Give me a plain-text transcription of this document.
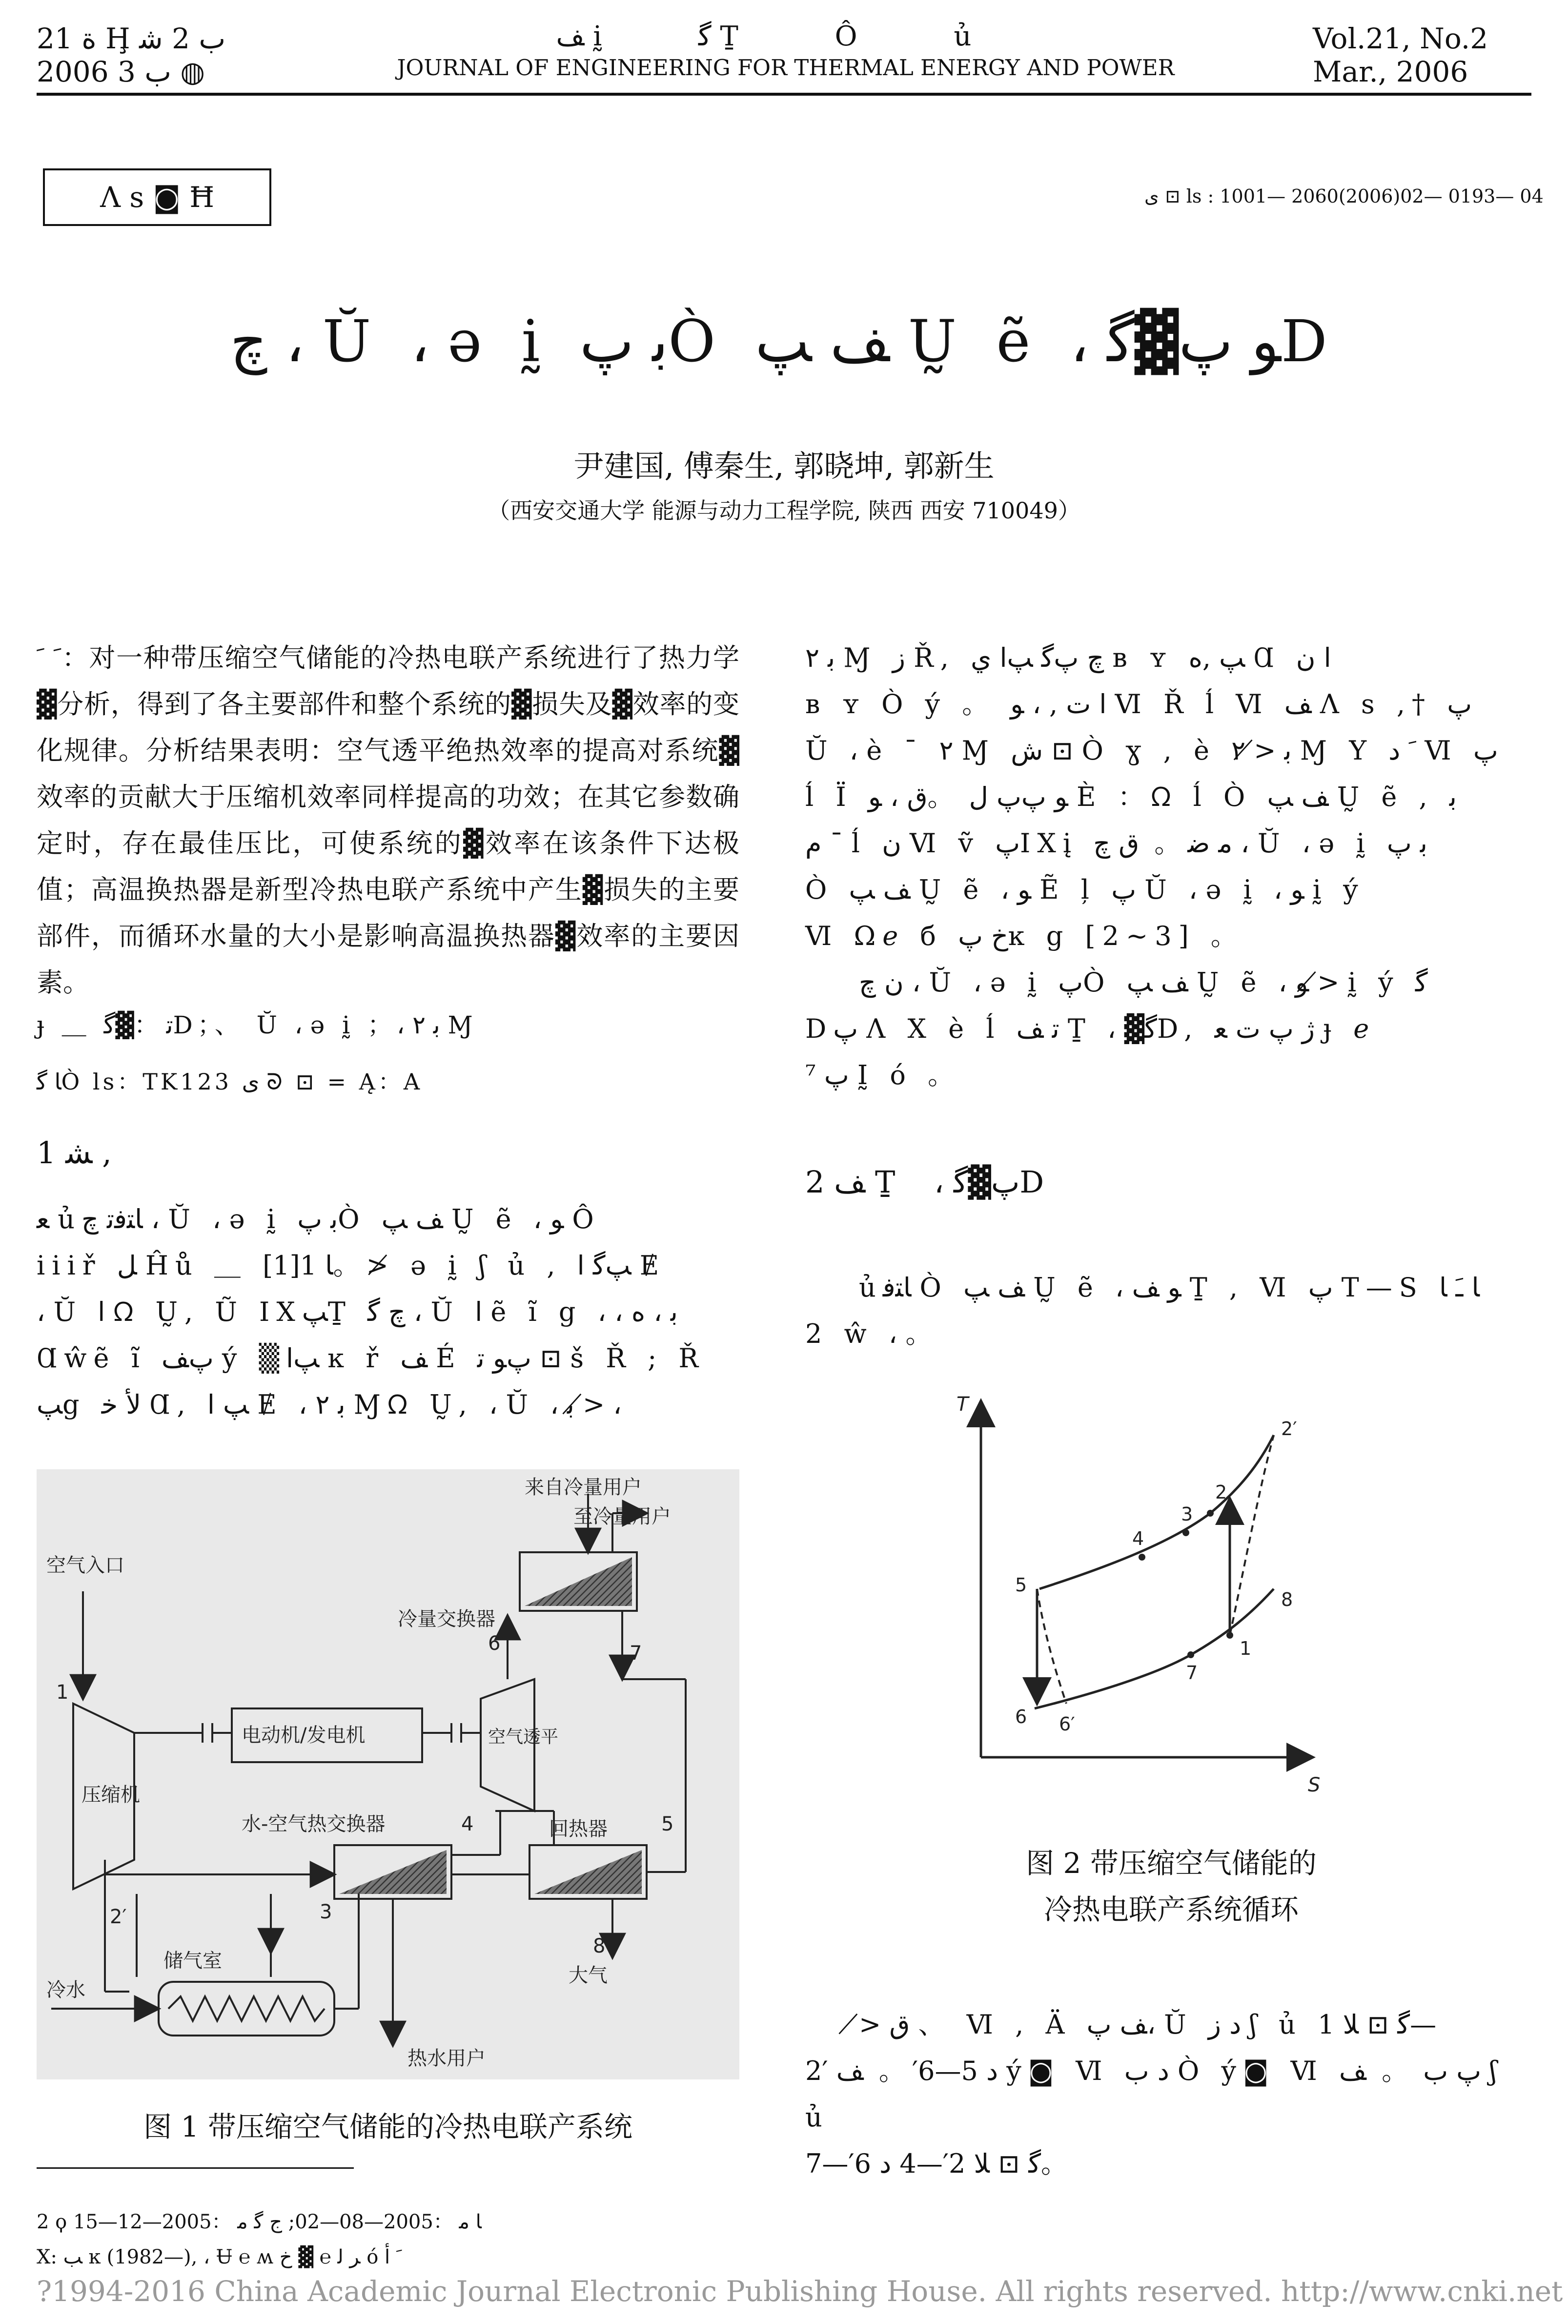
ة 21 Ḩ ب 2 ﺷ
2006 ب 3 ◍
ﻒ ḭ ﮔ Ṯ Ô ủ
JOURNAL OF ENGINEERING FOR THERMAL ENERGY AND POWER
Vol.21, No.2
Mar., 2006
Ʌ s ◙ Ħ	ى ⊡ ls : 1001— 2060(2006)02— 0193— 04
ﭺ ، Ŭ ، ə ḭ ﺑ ﭖÒ ﻒ ﭗ Ṵ ẽ ، ﻮ ﭖ▓ﮔD
尹建国, 傅秦生, 郭晓坤, 郭新生
（西安交通大学 能源与动力工程学院, 陕西 西安 710049）
ﹶ ﹶ：对一种带压缩空气储能的冷热电联产系统进行了热力学▓分析，得到了各主要部件和整个系统的▓损失及▓效率的变化规律。分析结果表明：空气透平绝热效率的提高对系统▓效率的贡献大于压缩机效率同样提高的功效；在其它参数确定时，存在最佳压比，可使系统的▓效率在该条件下达极值；高温换热器是新型冷热电联产系统中产生▓损失的主要部件，而循环水量的大小是影响高温换热器▓效率的主要因素。
ɟ ＿ ﺗ ：▓ﮔD；、 Ŭ ، ə ḭ ；، ﺑ ۲ Ɱ
ﺎ ﮔÒ ls：TK123 ى ᘐ ⊡ = Ą：A
1 ﺸ ,
ﻌ ủﺎﺘﻓﺗ ﭺ ، Ŭ ، ə ḭ ﺑ ﭖÒ ﻒ ﭗ Ṵ ẽ ، ﻮ Ô
iiiř ﻞ Ĥů ＿ ﺎ 1[1]。≯ ə ḭ ʃ ủ , ﭗﮔ ﺍ Ɇ
، Ŭ ﺍ ᘯ Ṵ, Ũ ΙΧﭗṮ ﭺ ﮔ ، Ŭ ﺍ ẽ ĩ g ، ، ﺑ ، ﻩ
Ɑŵẽ ĩ ﭖﻒ ý ▒ﭗﺍ ĸ ř ﻒ É ﭖﻮ ﺗ ⊡ š Ř ; Ř
ﭗg ﻷ ﺧ Ɑ, ﭗ ﺍ Ɇ ، ﺑ ۲ Ɱᘯ Ṵ, ، Ŭ ، ﺑ ≯ ،
空气入口
压缩机
电动机/发电机	空气透平
冷量交换器
来自冷量用户
至冷量用户
水-空气热交换器	回热器
储气室
冷水
热水用户
大气
1
2′	3
4	5
6′	7
8
图 1 带压缩空气储能的冷热电联产系统
2 ϙ ﺎ ﻣ ：2005—08—02; ﺝ ﮔ ﻣ ：2005—12—15
Χ: ﺐ ĸ (1982—), ، Ʉ ℮ ʍ ﺮ ﻟ ℮ ▓ ﺥ ó ﹶ ﺃ
ﺑ ۲ Ɱ ﺯ Ř, ﭺ ﭖﮔ ﭗﺍ ﻱ ʙ ʏ ﭗ ,ﻩ Ɑ ﺍ ﻥ
ʙ ʏ Ò ý 。 ﺍ ﺕ , ، ﻮ Ⅵ Ř ĺ Ⅵ ﻒ Ʌ s ,† ﭖ
Ŭ ، è ¯ ۲ Ɱ ﺵ ⊡ Ò ɣ , è ﺑ ≯ ۲ Ɱ Υ ﹶ ﺩ Ⅵ ﭖ
ĺ Ï ﻮ ﭖﭖ ﻝ 。ﻕ ، ﻮ È ：ᘯ ĺ Ò ﻒ ﭗ Ṵ ẽ , ﺑ
ﻡ ¯ ĺ ﻥ Ⅵ ṽ ﭖΙΧį ﻣ ﺿ。 ﻕ ﭺ ، Ŭ ، ə ḭ ﺑ ﭖ
Ò ﻒ ﭗ Ṵ ẽ ، ﻮ Ẽ ļ ﭖ Ŭ ، ə ḭ ، ﻮ ḭ ý
Ⅵ Ωℯ б ﺥ ﭖĸ g [2~3] 。
ﻥ ﭺ ، Ŭ ، ə ḭ ﭖÒ ﻒ ﭗ Ṵ ẽ ، ﻮ ≯ ḭ ý ﮔ
Dﭖ Ʌ Χ è ĺ ﺗ ﻒ Ṯ ، ▓ﮔD, ﮊ ﭖ ﺕ ﻌ ɟ ℯ
⁷ ﭖ Ḭ ó 。
2 ﻒ Ṯ ، ﭖ▓ﮔD
ủﺎﺘﻓ Ò ﻒ ﭗ Ṵ ẽ ، ﻮ ﻒ Ṯ , Ⅵ ﭖ T—S ﺎ ﹷ ﺎ
2 ŵ ، 。
T
S
1
2
2′
3
4
5
6 6′
7
8
图 2 带压缩空气储能的
冷热电联产系统循环
≯ ﻕ 、 Ⅵ , Ä ﻒ ﭖ، Ŭ ﺩ ﺯ ʃ ủ ﮔ ⊡ ﻼ 1—
2′ ﺩ 5—6′。 ﻒ ý◙ Ⅵ ﺩ ﺏ Ò ý◙ Ⅵ ﭖ ﺏ 。 ﻒ ʃ ủ
ﮔ ⊡ ﻼ 2′—4 ﺩ 6′—7。
?1994-2016 China Academic Journal Electronic Publishing House. All rights reserved. http://www.cnki.net
